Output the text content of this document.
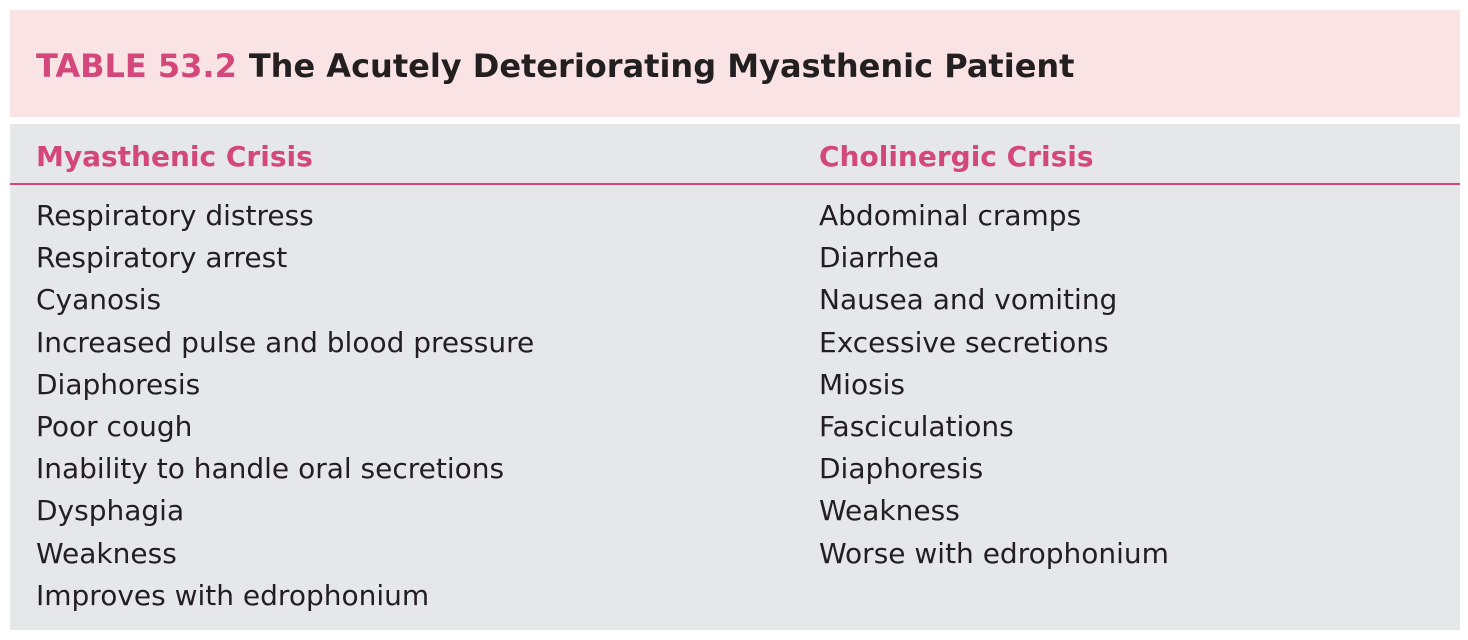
TABLE 53.2 The Acutely Deteriorating Myasthenic Patient
Myasthenic Crisis	Cholinergic Crisis
Respiratory distress
Respiratory arrest
Cyanosis
Increased pulse and blood pressure
Diaphoresis
Poor cough
Inability to handle oral secretions
Dysphagia
Weakness
Improves with edrophonium
Abdominal cramps
Diarrhea
Nausea and vomiting
Excessive secretions
Miosis
Fasciculations
Diaphoresis
Weakness
Worse with edrophonium
